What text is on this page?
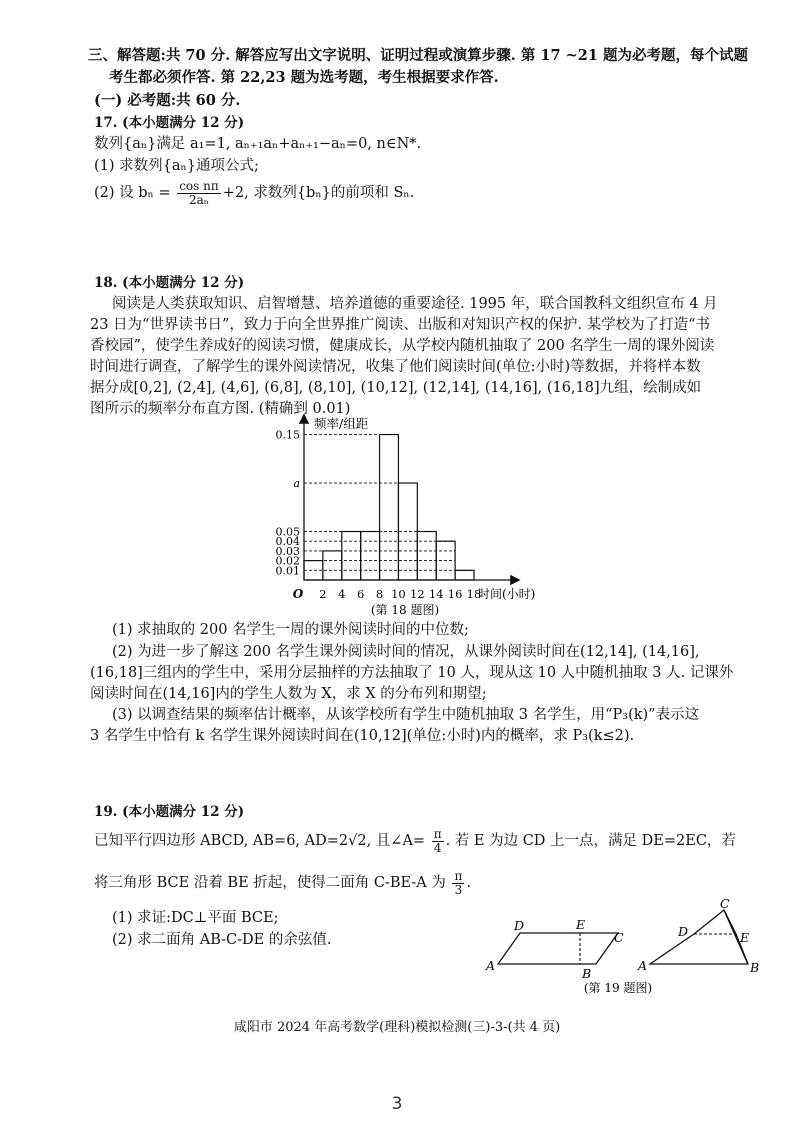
三、解答题:共 70 分. 解答应写出文字说明、证明过程或演算步骤. 第 17 ~21 题为必考题，每个试题
考生都必须作答. 第 22,23 题为选考题，考生根据要求作答.
(一) 必考题:共 60 分.
17. (本小题满分 12 分)
数列{aₙ}满足 a₁=1, aₙ₊₁aₙ+aₙ₊₁−aₙ=0, n∈N*.
(1) 求数列{aₙ}通项公式;
(2) 设 $b_n = \frac{\text{cos nπ}}{\text{2aₙ}} +2$, 求数列{bₙ}的前项和 Sₙ.
18. (本小题满分 12 分)
阅读是人类获取知识、启智增慧、培养道德的重要途径. 1995 年，联合国教科文组织宣布 4 月
23 日为“世界读书日”，致力于向全世界推广阅读、出版和对知识产权的保护. 某学校为了打造“书
香校园”，使学生养成好的阅读习惯，健康成长，从学校内随机抽取了 200 名学生一周的课外阅读
时间进行调查，了解学生的课外阅读情况，收集了他们阅读时间(单位:小时)等数据，并将样本数
据分成[0,2], (2,4], (4,6], (6,8], (8,10], (10,12], (12,14], (14,16], (16,18]九组，绘制成如
图所示的频率分布直方图. (精确到 0.01)
0.01
0.02
0.03
0.04
0.05
a
0.15
2 4 6 8 10 12 14 16 18
频率/组距
时间(小时)
O
(第 18 题图)
(1) 求抽取的 200 名学生一周的课外阅读时间的中位数;
(2) 为进一步了解这 200 名学生课外阅读时间的情况，从课外阅读时间在(12,14], (14,16],
(16,18]三组内的学生中，采用分层抽样的方法抽取了 10 人，现从这 10 人中随机抽取 3 人. 记课外
阅读时间在(14,16]内的学生人数为 X，求 X 的分布列和期望;
(3) 以调查结果的频率估计概率，从该学校所有学生中随机抽取 3 名学生，用“P₃(k)”表示这
3 名学生中恰有 k 名学生课外阅读时间在(10,12](单位:小时)内的概率，求 P₃(k≤2).
19. (本小题满分 12 分)
已知平行四边形 ABCD, AB=6, AD=2√2, 且∠A= $\frac{\pi}{4}$ . 若 E 为边 CD 上一点，满足 DE=2EC，若
将三角形 BCE 沿着 BE 折起，使得二面角 C-BE-A 为 $\frac{\pi}{3}$ .
(1) 求证:DC⊥平面 BCE;
(2) 求二面角 AB-C-DE 的余弦值.
A
D	E
C
B
A
D
C
E
B
(第 19 题图)
咸阳市 2024 年高考数学(理科)模拟检测(三)-3-(共 4 页)
3
